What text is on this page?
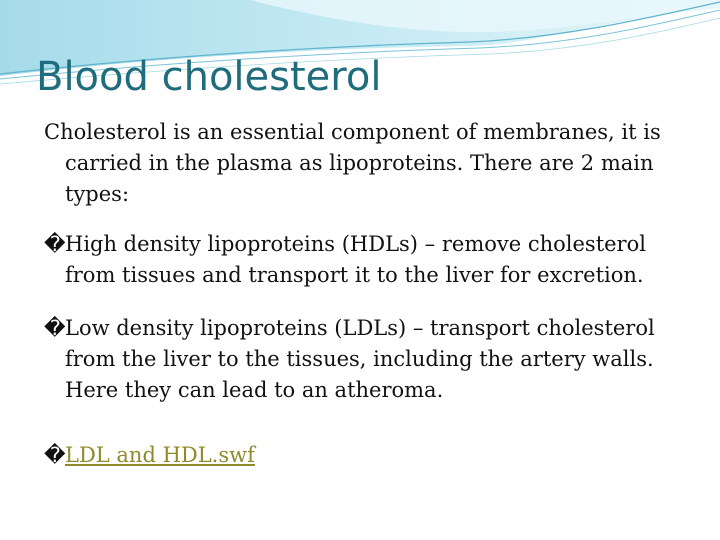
Blood cholesterol

Cholesterol is an essential component of membranes, it is carried in the plasma as lipoproteins. There are 2 main types:

�High density lipoproteins (HDLs) – remove cholesterol from tissues and transport it to the liver for excretion.

�Low density lipoproteins (LDLs) – transport cholesterol from the liver to the tissues, including the artery walls. Here they can lead to an atheroma.

�LDL and HDL.swf
